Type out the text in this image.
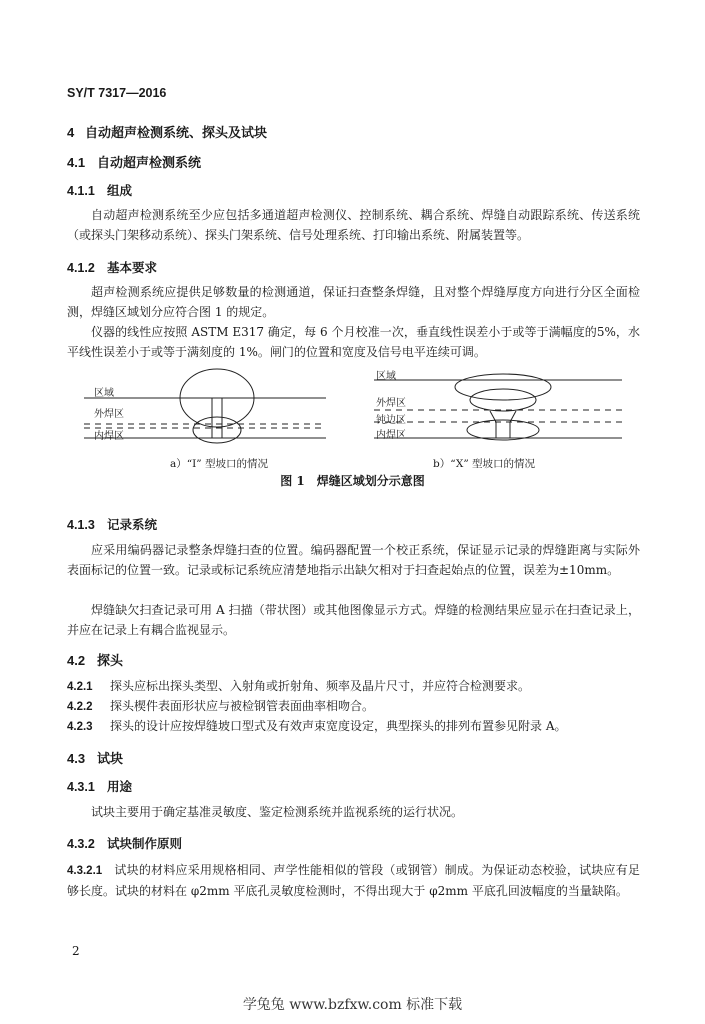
SY/T 7317—2016
4 自动超声检测系统、探头及试块
4.1 自动超声检测系统
4.1.1 组成

自动超声检测系统至少应包括多通道超声检测仪、控制系统、耦合系统、焊缝自动跟踪系统、传送系统（或探头门架移动系统）、探头门架系统、信号处理系统、打印输出系统、附属装置等。

4.1.2 基本要求

超声检测系统应提供足够数量的检测通道，保证扫查整条焊缝，且对整个焊缝厚度方向进行分区全面检测，焊缝区域划分应符合图 1 的规定。

仪器的线性应按照 ASTM E317 确定，每 6 个月校准一次，垂直线性误差小于或等于满幅度的5%，水平线性误差小于或等于满刻度的 1%。闸门的位置和宽度及信号电平连续可调。

区域
外焊区
内焊区
区域
外焊区
钝边区
内焊区
a）“I” 型坡口的情况	b）“X” 型坡口的情况
图 1　焊缝区域划分示意图
4.1.3 记录系统

应采用编码器记录整条焊缝扫查的位置。编码器配置一个校正系统，保证显示记录的焊缝距离与实际外表面标记的位置一致。记录或标记系统应清楚地指示出缺欠相对于扫查起始点的位置，误差为±10mm。

焊缝缺欠扫查记录可用 A 扫描（带状图）或其他图像显示方式。焊缝的检测结果应显示在扫查记录上，并应在记录上有耦合监视显示。

4.2 探头

4.2.1 探头应标出探头类型、入射角或折射角、频率及晶片尺寸，并应符合检测要求。

4.2.2 探头楔件表面形状应与被检钢管表面曲率相吻合。

4.2.3 探头的设计应按焊缝坡口型式及有效声束宽度设定，典型探头的排列布置参见附录 A。

4.3 试块
4.3.1 用途

试块主要用于确定基准灵敏度、鉴定检测系统并监视系统的运行状况。

4.3.2 试块制作原则

4.3.2.1 试块的材料应采用规格相同、声学性能相似的管段（或钢管）制成。为保证动态校验，试块应有足够长度。试块的材料在 φ2mm 平底孔灵敏度检测时，不得出现大于 φ2mm 平底孔回波幅度的当量缺陷。

2
学兔兔 www.bzfxw.com 标准下载
